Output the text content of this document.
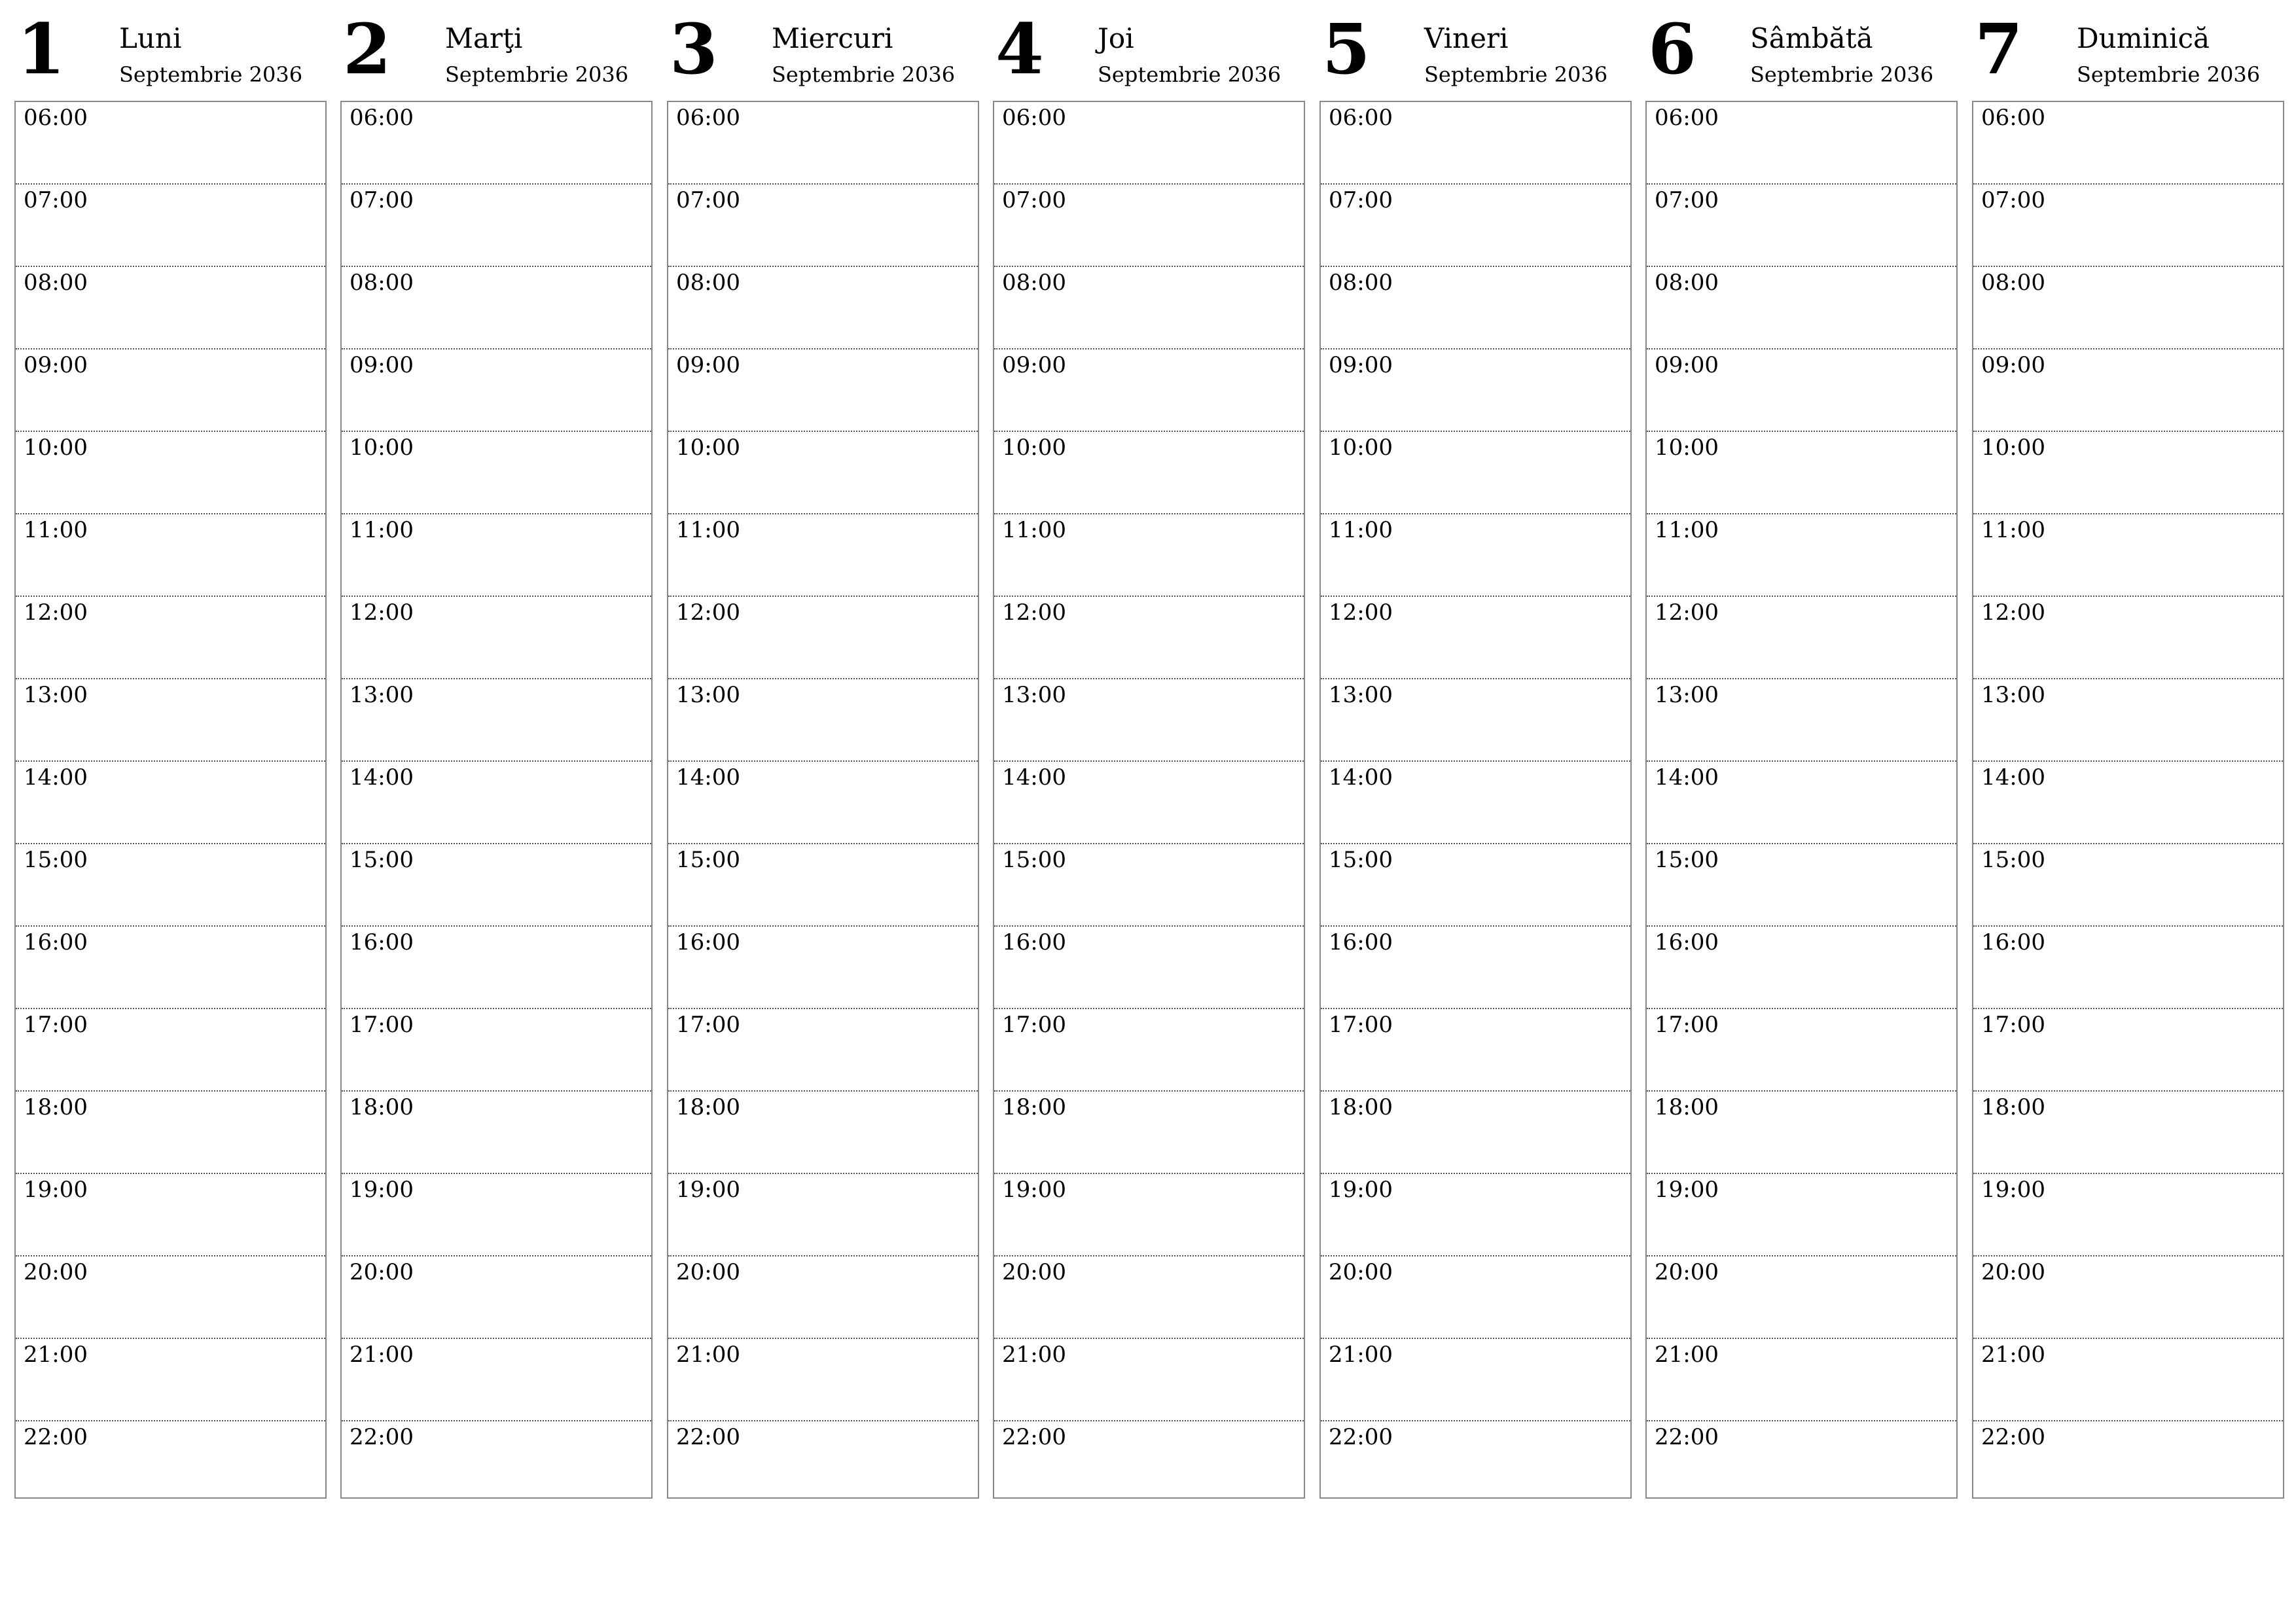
1 Luni
Septembrie 2036
06:00
07:00
08:00
09:00
10:00
11:00
12:00
13:00
14:00
15:00
16:00
17:00
18:00
19:00
20:00
21:00
22:00
2 Marţi
Septembrie 2036
06:00
07:00
08:00
09:00
10:00
11:00
12:00
13:00
14:00
15:00
16:00
17:00
18:00
19:00
20:00
21:00
22:00
3 Miercuri
Septembrie 2036
06:00
07:00
08:00
09:00
10:00
11:00
12:00
13:00
14:00
15:00
16:00
17:00
18:00
19:00
20:00
21:00
22:00
4 Joi
Septembrie 2036
06:00
07:00
08:00
09:00
10:00
11:00
12:00
13:00
14:00
15:00
16:00
17:00
18:00
19:00
20:00
21:00
22:00
5 Vineri
Septembrie 2036
06:00
07:00
08:00
09:00
10:00
11:00
12:00
13:00
14:00
15:00
16:00
17:00
18:00
19:00
20:00
21:00
22:00
6 Sâmbătă
Septembrie 2036
06:00
07:00
08:00
09:00
10:00
11:00
12:00
13:00
14:00
15:00
16:00
17:00
18:00
19:00
20:00
21:00
22:00
7 Duminică
Septembrie 2036
06:00
07:00
08:00
09:00
10:00
11:00
12:00
13:00
14:00
15:00
16:00
17:00
18:00
19:00
20:00
21:00
22:00
